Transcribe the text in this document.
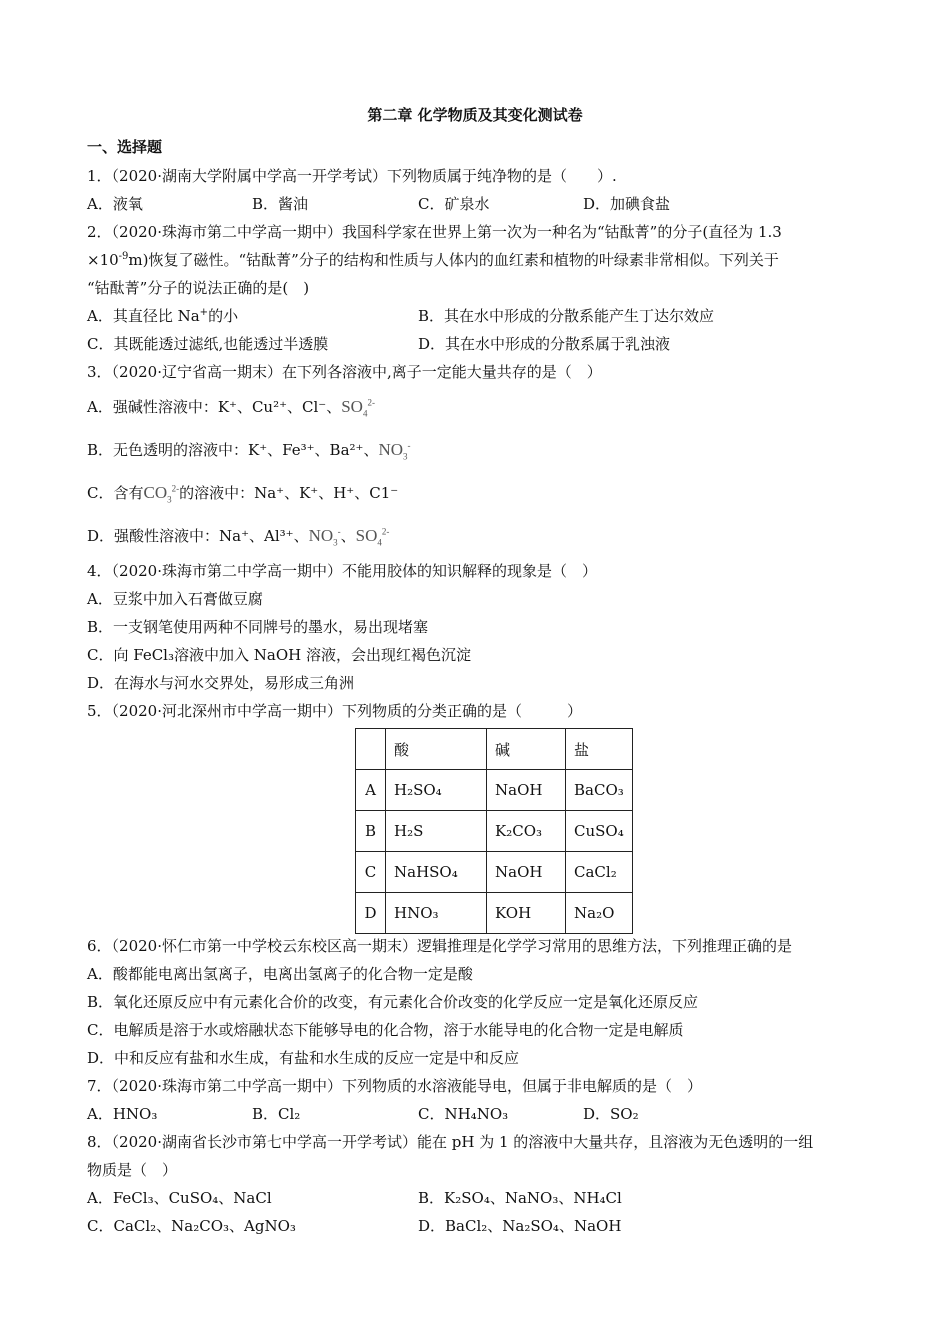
第二章 化学物质及其变化测试卷
一、选择题
1．（2020·湖南大学附属中学高一开学考试）下列物质属于纯净物的是（　　）.
A．液氧	B．酱油	C．矿泉水	D．加碘食盐
2．（2020·珠海市第二中学高一期中）我国科学家在世界上第一次为一种名为“钴酞菁”的分子(直径为 1.3
$\times 10^{-9}m$)恢复了磁性。“钴酞菁”分子的结构和性质与人体内的血红素和植物的叶绿素非常相似。下列关于
“钴酞菁”分子的说法正确的是(　)
A．其直径比 Na+的小	B．其在水中形成的分散系能产生丁达尔效应
C．其既能透过滤纸,也能透过半透膜	D．其在水中形成的分散系属于乳浊液
3．（2020·辽宁省高一期末）在下列各溶液中,离子一定能大量共存的是（　）
A．强碱性溶液中：K⁺、Cu²⁺、Cl⁻、$SO_4^{2-}$
B．无色透明的溶液中：K⁺、Fe³⁺、Ba²⁺、$NO_3^-$
C．含有$CO_3^{2-}$的溶液中：Na⁺、K⁺、H⁺、C1⁻
D．强酸性溶液中：Na⁺、Al³⁺、$NO_3^-$、$SO_4^{2-}$
4．（2020·珠海市第二中学高一期中）不能用胶体的知识解释的现象是（　）
A．豆浆中加入石膏做豆腐
B．一支钢笔使用两种不同牌号的墨水，易出现堵塞
C．向 FeCl₃溶液中加入 NaOH 溶液，会出现红褐色沉淀
D．在海水与河水交界处，易形成三角洲
5．（2020·河北深州市中学高一期中）下列物质的分类正确的是（　　　）
	酸	碱	盐
A	H₂SO₄	NaOH	BaCO₃
B	H₂S	K₂CO₃	CuSO₄
C	NaHSO₄	NaOH	CaCl₂
D	HNO₃	KOH	Na₂O
6．（2020·怀仁市第一中学校云东校区高一期末）逻辑推理是化学学习常用的思维方法，下列推理正确的是
A．酸都能电离出氢离子，电离出氢离子的化合物一定是酸
B．氧化还原反应中有元素化合价的改变，有元素化合价改变的化学反应一定是氧化还原反应
C．电解质是溶于水或熔融状态下能够导电的化合物，溶于水能导电的化合物一定是电解质
D．中和反应有盐和水生成，有盐和水生成的反应一定是中和反应
7．（2020·珠海市第二中学高一期中）下列物质的水溶液能导电，但属于非电解质的是（　）
A．HNO₃	B．Cl₂	C．NH₄NO₃	D．SO₂
8．（2020·湖南省长沙市第七中学高一开学考试）能在 pH 为 1 的溶液中大量共存，且溶液为无色透明的一组
物质是（　）
A．FeCl₃、CuSO₄、NaCl	B．K₂SO₄、NaNO₃、NH₄Cl
C．CaCl₂、Na₂CO₃、AgNO₃	D．BaCl₂、Na₂SO₄、NaOH
